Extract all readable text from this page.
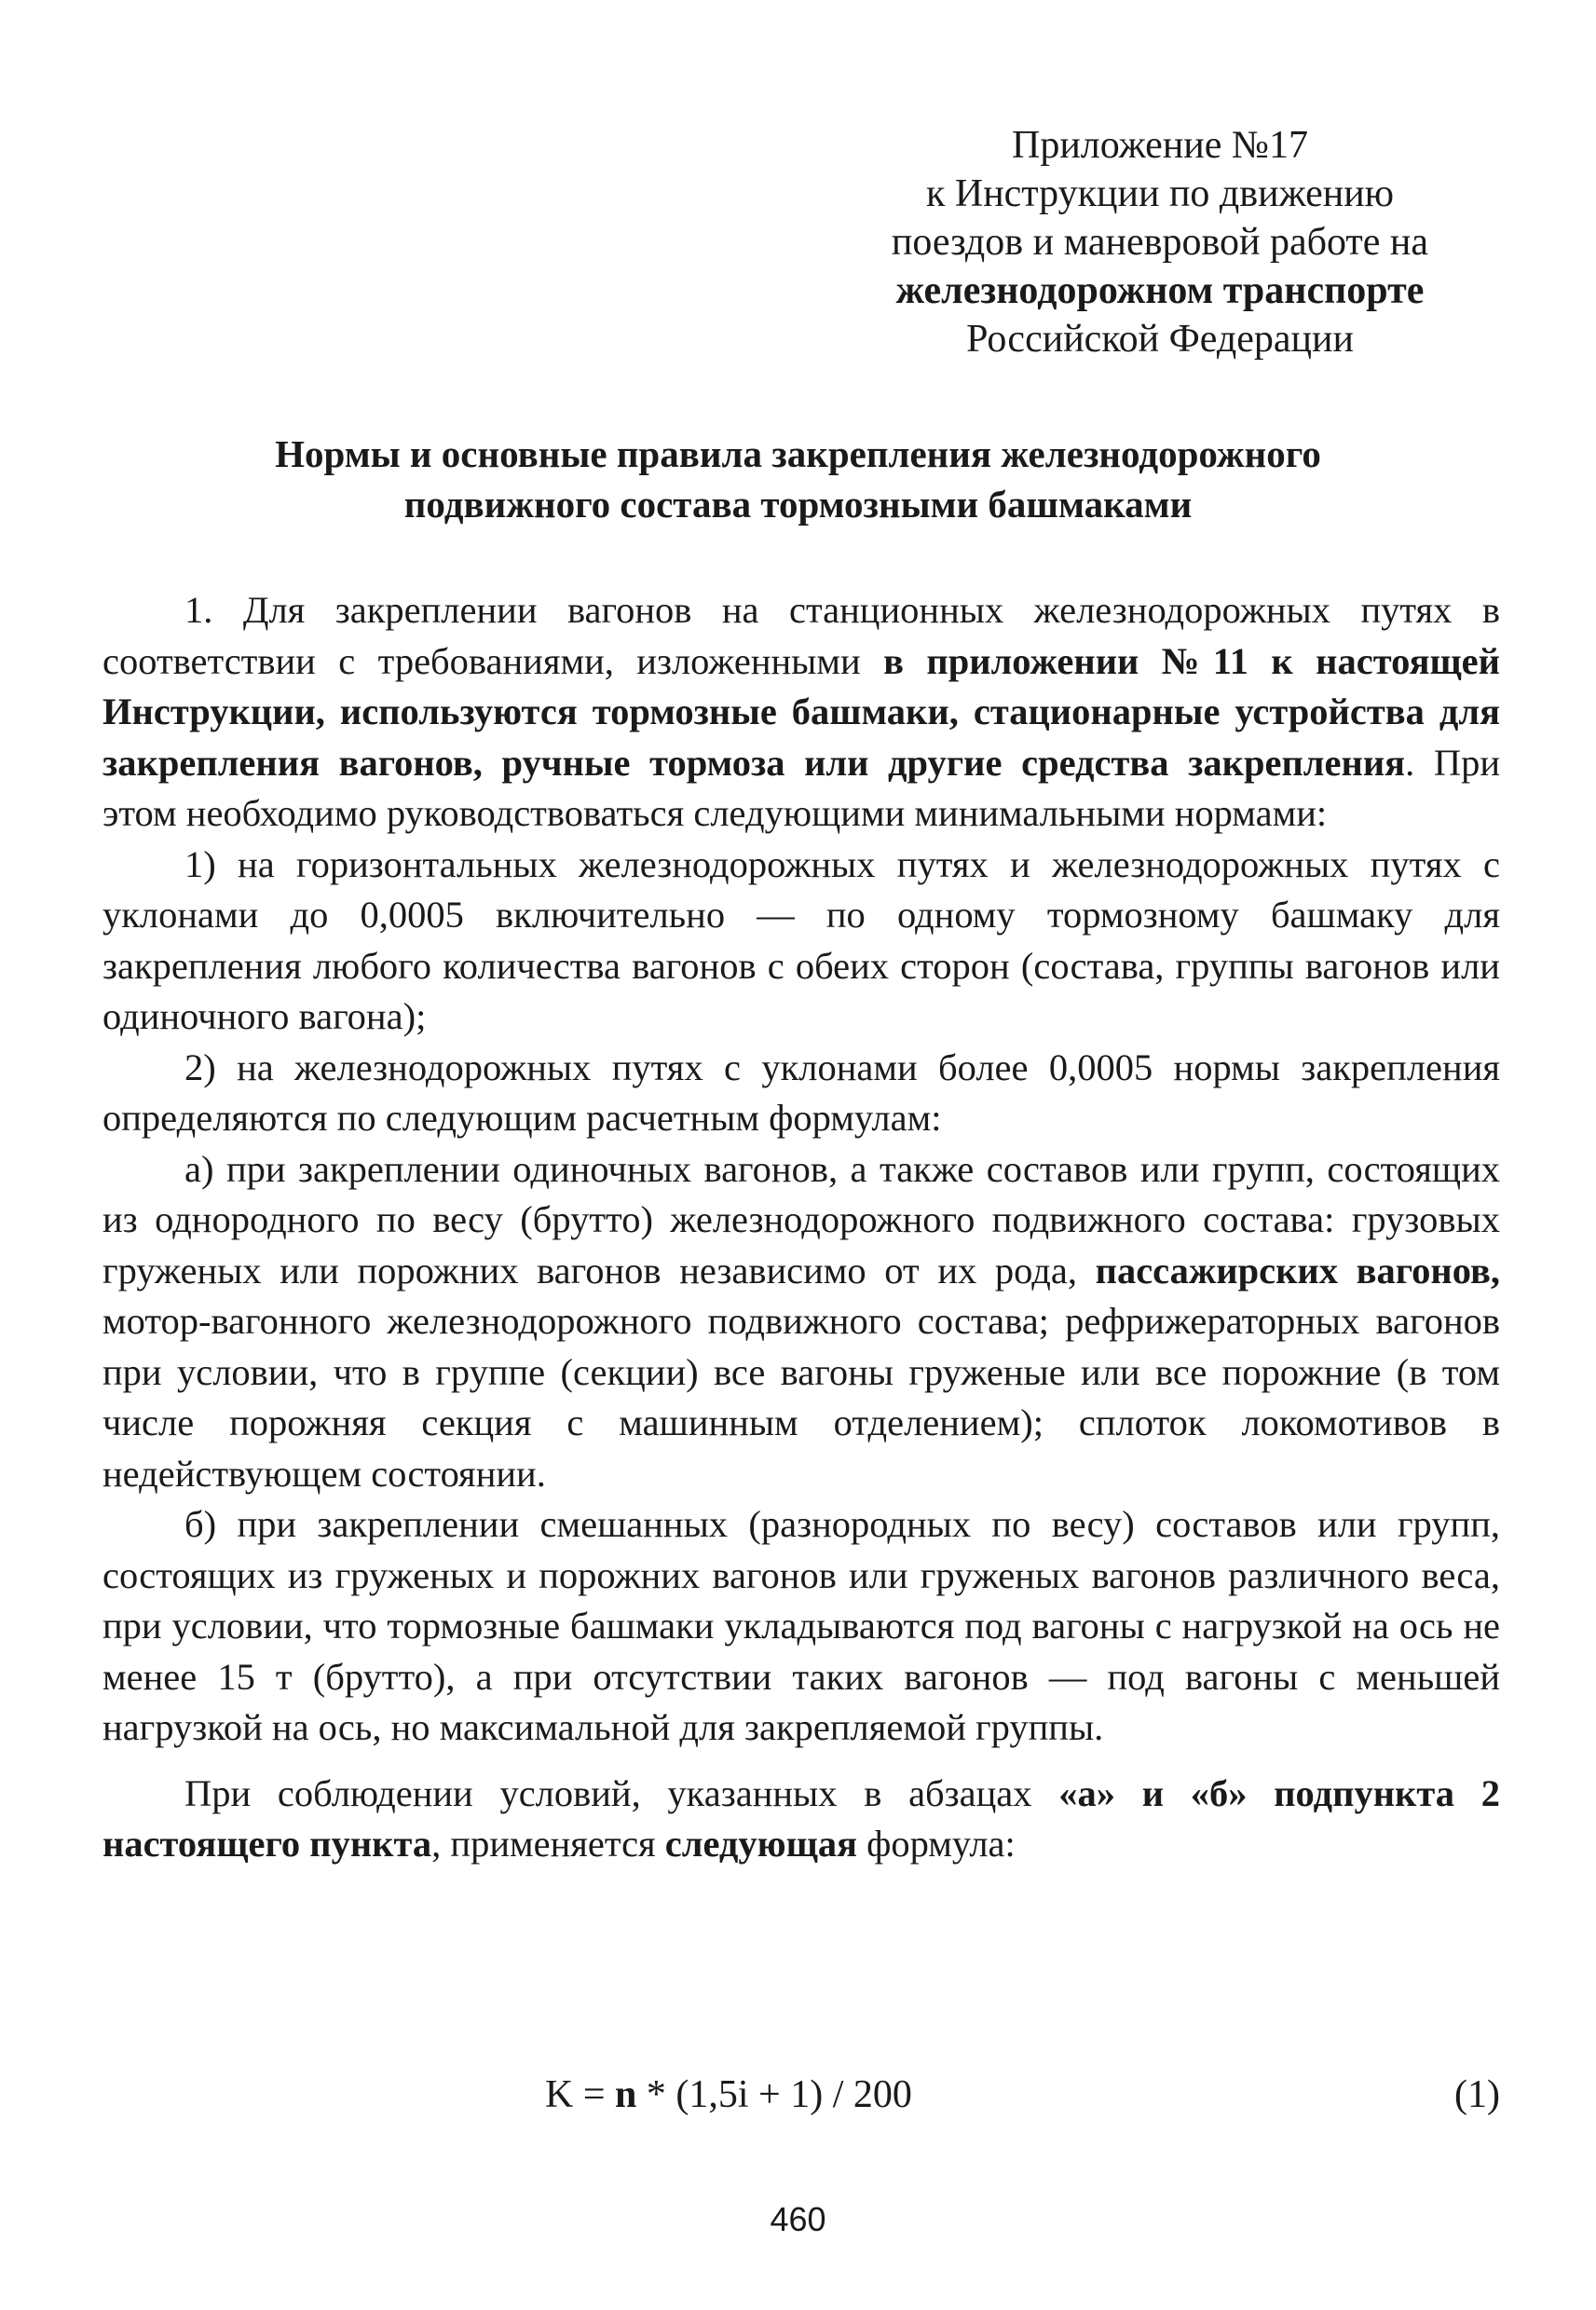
Приложение №17
к Инструкции по движению
поездов и маневровой работе на
железнодорожном транспорте
Российской Федерации
Нормы и основные правила закрепления железнодорожного
подвижного состава тормозными башмаками

1. Для закреплении вагонов на станционных железнодорожных путях в соответствии с требованиями, изложенными в приложении №11 к настоящей Инструкции, используются тормозные башмаки, стационарные устройства для закрепления вагонов, ручные тормоза или другие средства закрепления. При этом необходимо руководствоваться следующими минимальными нормами:

1) на горизонтальных железнодорожных путях и железнодорожных путях с уклонами до 0,0005 включительно — по одному тормозному башмаку для закрепления любого количества вагонов с обеих сторон (состава, группы вагонов или одиночного вагона);

2) на железнодорожных путях с уклонами более 0,0005 нормы закрепления определяются по следующим расчетным формулам:

а) при закреплении одиночных вагонов, а также составов или групп, состоящих из однородного по весу (брутто) железнодорожного подвижного состава: грузовых груженых или порожних вагонов независимо от их рода, пассажирских вагонов, мотор-вагонного железнодорожного подвижного состава; рефрижераторных вагонов при условии, что в группе (секции) все вагоны груженые или все порожние (в том числе порожняя секция с машинным отделением); сплоток локомотивов в недействующем состоянии.

б) при закреплении смешанных (разнородных по весу) составов или групп, состоящих из груженых и порожних вагонов или груженых вагонов различного веса, при условии, что тормозные башмаки укладываются под вагоны с нагрузкой на ось не менее 15 т (брутто), а при отсутствии таких вагонов — под вагоны с меньшей нагрузкой на ось, но максимальной для закрепляемой группы.

При соблюдении условий, указанных в абзацах «а» и «б» подпункта 2 настоящего пункта, применяется следующая формула:

K = n * (1,5i + 1) / 200	(1)
460
